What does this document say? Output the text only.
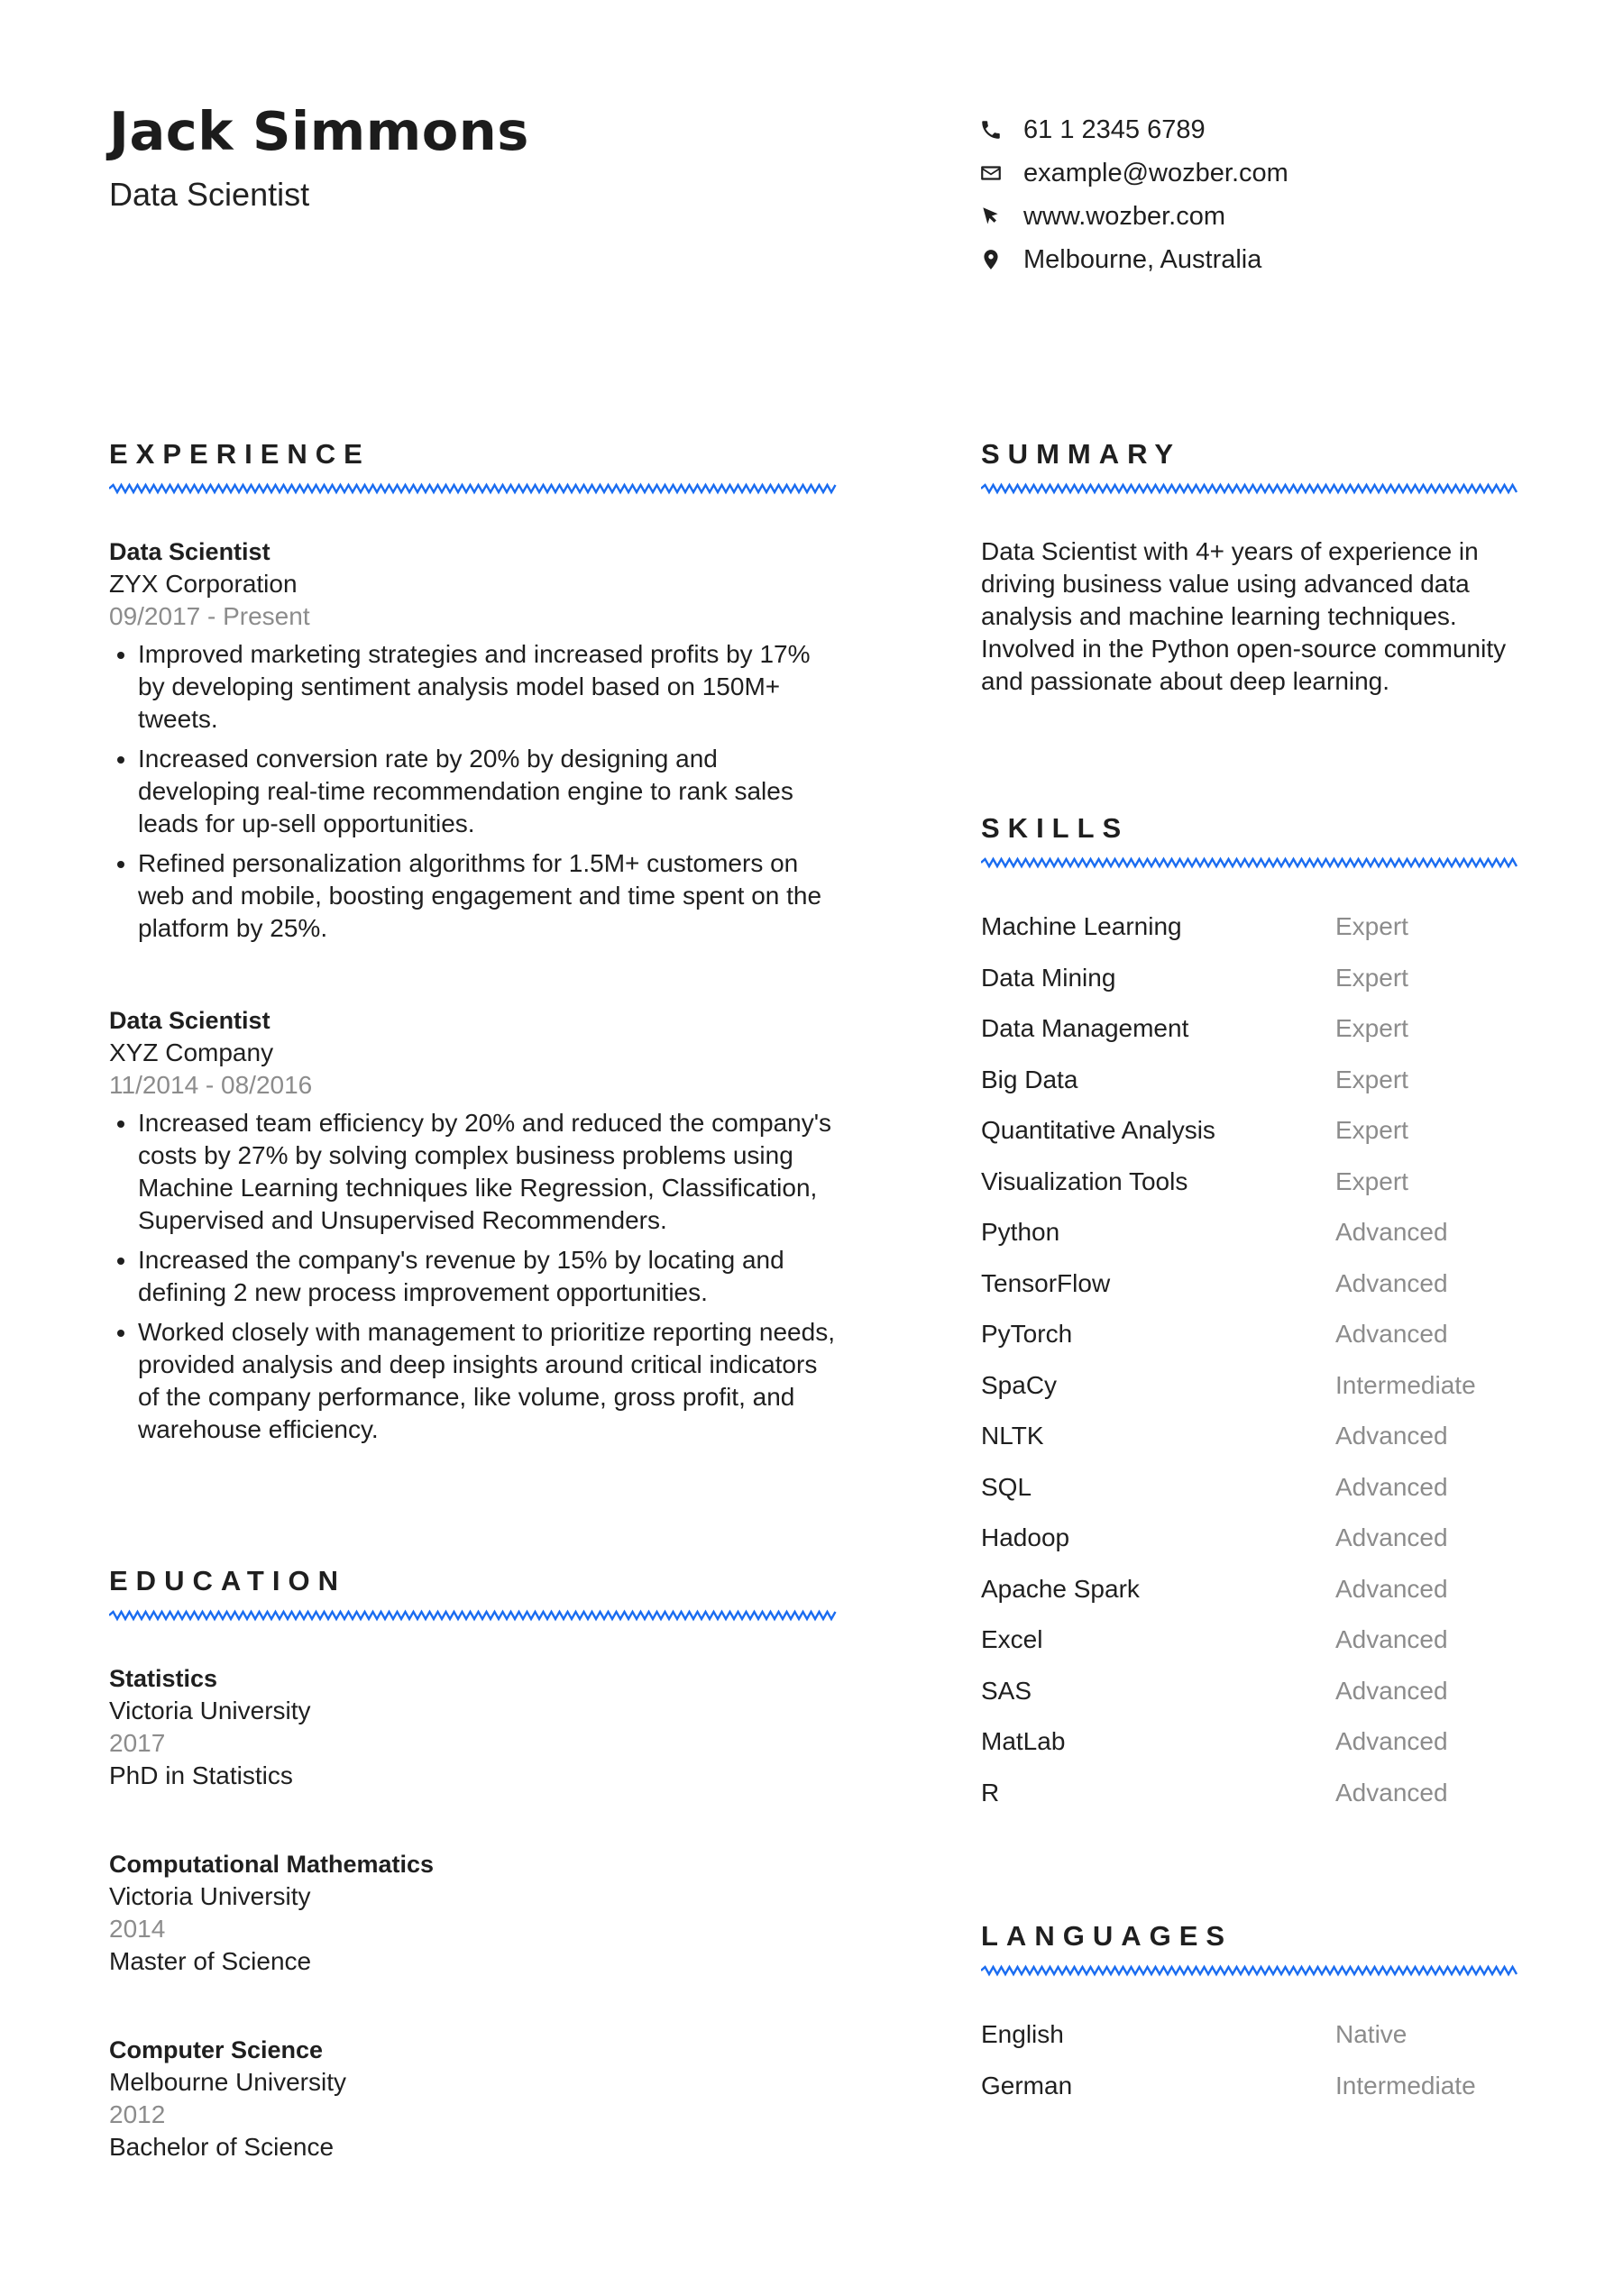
Jack Simmons
Data Scientist
61 1 2345 6789
example@wozber.com
www.wozber.com
Melbourne, Australia
EXPERIENCE
Data Scientist
ZYX Corporation
09/2017 - Present
• Improved marketing strategies and increased profits by 17% by developing sentiment analysis model based on 150M+ tweets.
• Increased conversion rate by 20% by designing and developing real-time recommendation engine to rank sales leads for up-sell opportunities.
• Refined personalization algorithms for 1.5M+ customers on web and mobile, boosting engagement and time spent on the platform by 25%.
Data Scientist
XYZ Company
11/2014 - 08/2016
• Increased team efficiency by 20% and reduced the company's costs by 27% by solving complex business problems using Machine Learning techniques like Regression, Classification, Supervised and Unsupervised Recommenders.
• Increased the company's revenue by 15% by locating and defining 2 new process improvement opportunities.
• Worked closely with management to prioritize reporting needs, provided analysis and deep insights around critical indicators of the company performance, like volume, gross profit, and warehouse efficiency.
EDUCATION
Statistics
Victoria University
2017
PhD in Statistics
Computational Mathematics
Victoria University
2014
Master of Science
Computer Science
Melbourne University
2012
Bachelor of Science
SUMMARY
Data Scientist with 4+ years of experience in driving business value using advanced data analysis and machine learning techniques. Involved in the Python open-source community and passionate about deep learning.
SKILLS
Machine Learning	Expert
Data Mining	Expert
Data Management	Expert
Big Data	Expert
Quantitative Analysis	Expert
Visualization Tools	Expert
Python	Advanced
TensorFlow	Advanced
PyTorch	Advanced
SpaCy	Intermediate
NLTK	Advanced
SQL	Advanced
Hadoop	Advanced
Apache Spark	Advanced
Excel	Advanced
SAS	Advanced
MatLab	Advanced
R	Advanced
LANGUAGES
English	Native
German	Intermediate
